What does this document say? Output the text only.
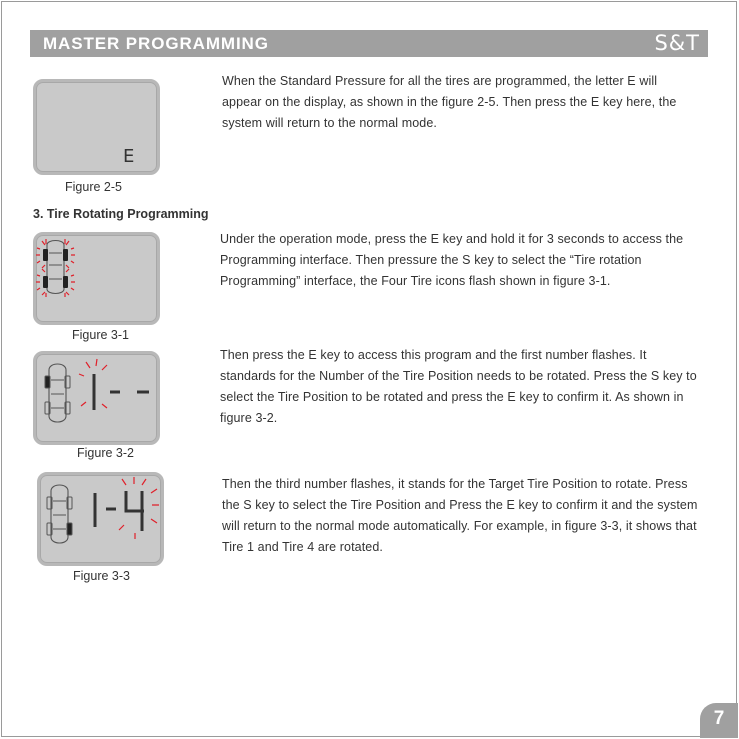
MASTER PROGRAMMING	S&T
E
Figure 2-5

When the Standard Pressure for all the tires are programmed, the letter E will appear on the display, as shown in the figure 2-5. Then press the E key here, the system will return to the normal mode.

3. Tire Rotating Programming
Figure 3-1

Under the operation mode, press the E key and hold it for 3 seconds to access the Programming interface. Then pressure the S key to select the “Tire rotation Programming” interface, the Four Tire icons flash shown in figure 3-1.

Figure 3-2

Then press the E key to access this program and the first number flashes. It standards for the Number of the Tire Position needs to be rotated. Press the S key to select the Tire Position to be rotated and press the E key to confirm it. As shown in figure 3-2.

Figure 3-3

Then the third number flashes, it stands for the Target Tire Position to rotate. Press the S key to select the Tire Position and Press the E key to confirm it and the system will return to the normal mode automatically. For example, in figure 3-3, it shows that Tire 1 and Tire 4 are rotated.

7
